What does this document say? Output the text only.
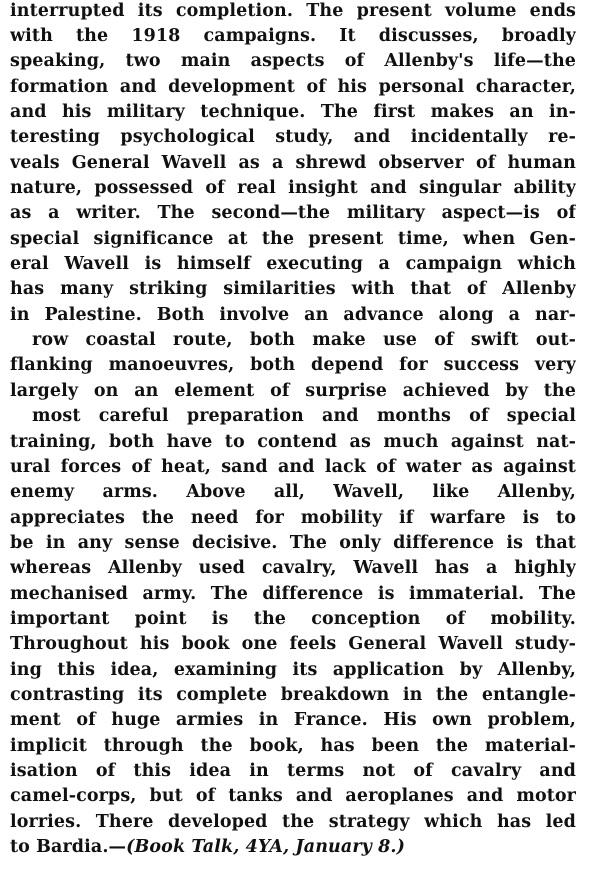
interrupted its completion. The present volume ends
with the 1918 campaigns. It discusses, broadly
speaking, two main aspects of Allenby's life—the
formation and development of his personal character,
and his military technique. The first makes an in-
teresting psychological study, and incidentally re-
veals General Wavell as a shrewd observer of human
nature, possessed of real insight and singular ability
as a writer. The second—the military aspect—is of
special significance at the present time, when Gen-
eral Wavell is himself executing a campaign which
has many striking similarities with that of Allenby
in Palestine. Both involve an advance along a nar-
row coastal route, both make use of swift out-
flanking manoeuvres, both depend for success very
largely on an element of surprise achieved by the
most careful preparation and months of special
training, both have to contend as much against nat-
ural forces of heat, sand and lack of water as against
enemy arms. Above all, Wavell, like Allenby,
appreciates the need for mobility if warfare is to
be in any sense decisive. The only difference is that
whereas Allenby used cavalry, Wavell has a highly
mechanised army. The difference is immaterial. The
important point is the conception of mobility.
Throughout his book one feels General Wavell study-
ing this idea, examining its application by Allenby,
contrasting its complete breakdown in the entangle-
ment of huge armies in France. His own problem,
implicit through the book, has been the material-
isation of this idea in terms not of cavalry and
camel-corps, but of tanks and aeroplanes and motor
lorries. There developed the strategy which has led
to Bardia.—(Book Talk, 4YA, January 8.)
